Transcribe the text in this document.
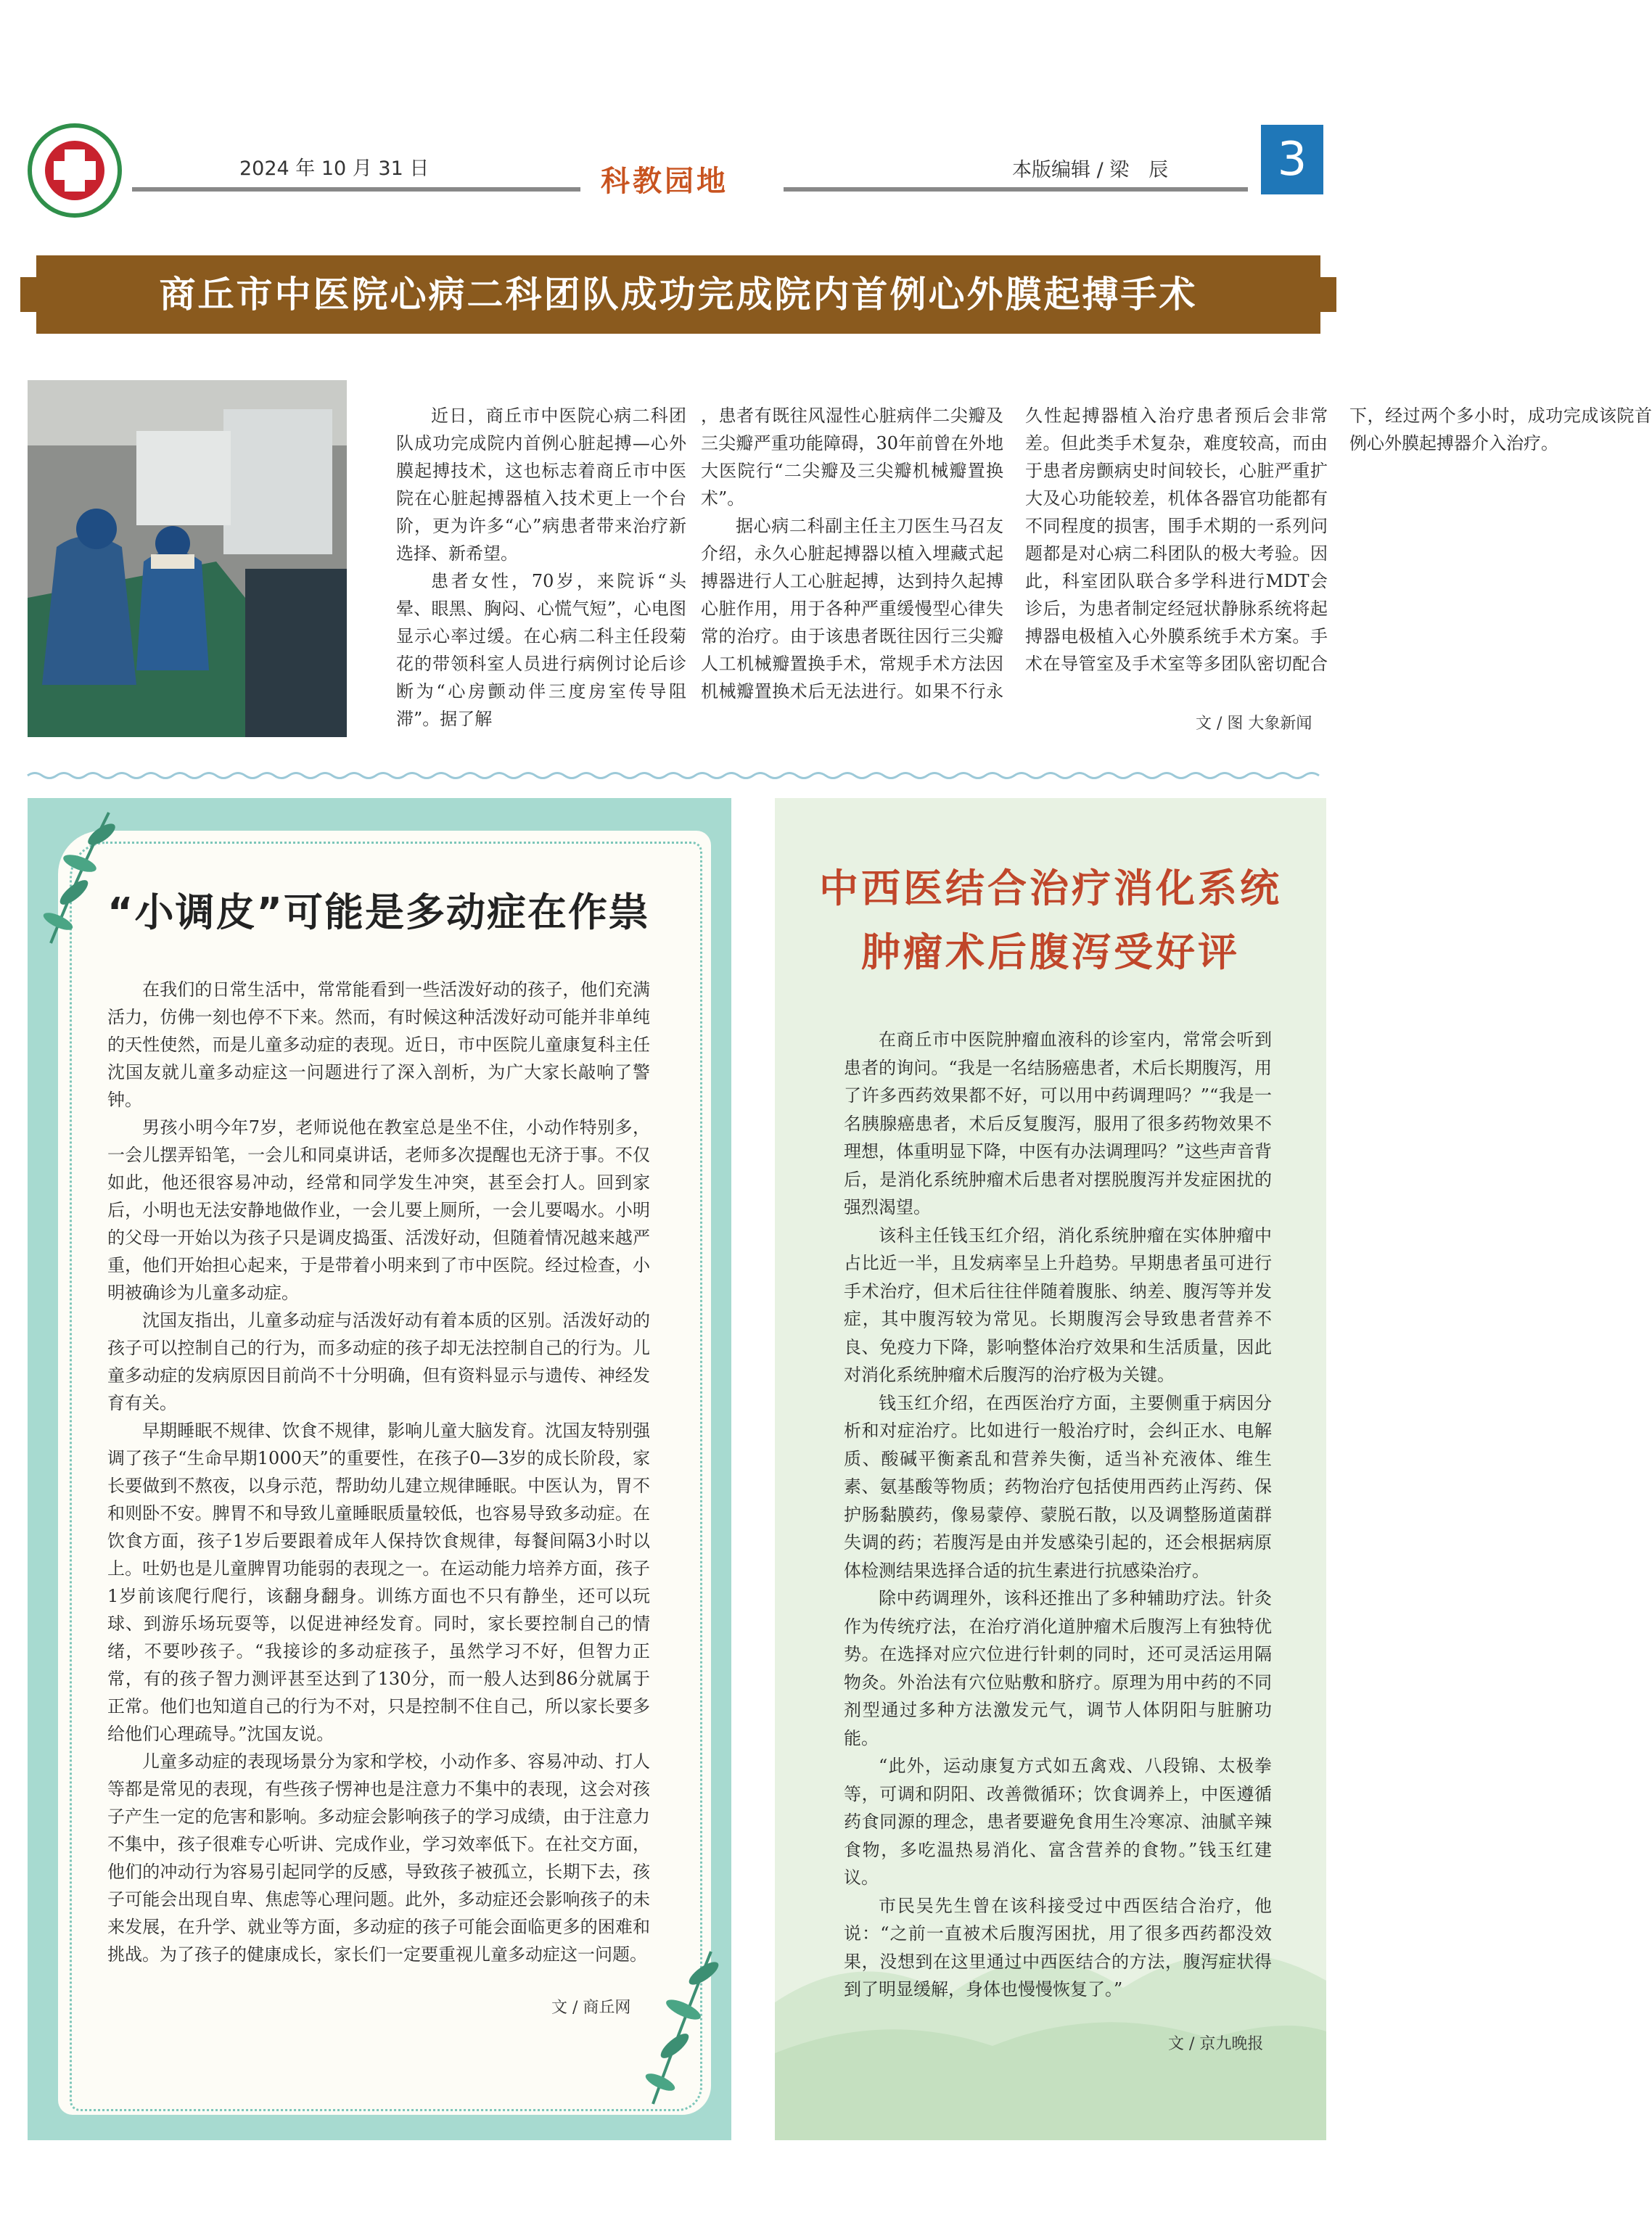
2024 年 10 月 31 日	科教园地	本版编辑 / 梁　辰	3
商丘市中医院心病二科团队成功完成院内首例心外膜起搏手术

近日，商丘市中医院心病二科团队成功完成院内首例心脏起搏—心外膜起搏技术，这也标志着商丘市中医院在心脏起搏器植入技术更上一个台阶，更为许多“心”病患者带来治疗新选择、新希望。

患者女性，70岁，来院诉“头晕、眼黑、胸闷、心慌气短”，心电图显示心率过缓。在心病二科主任段菊花的带领科室人员进行病例讨论后诊断为“心房颤动伴三度房室传导阻滞”。据了解

，患者有既往风湿性心脏病伴二尖瓣及三尖瓣严重功能障碍，30年前曾在外地大医院行“二尖瓣及三尖瓣机械瓣置换术”。

据心病二科副主任主刀医生马召友介绍，永久心脏起搏器以植入埋藏式起搏器进行人工心脏起搏，达到持久起搏心脏作用，用于各种严重缓慢型心律失常的治疗。由于该患者既往因行三尖瓣人工机械瓣置换手术，常规手术方法因机械瓣置换术后无法进行。如果不行永久性起搏器植入治疗患者预后会非常差。但此类手术复杂，难度较高，而由于患者房颤病史时间较长，心脏严重扩大及心功能较差，机体各器官功能都有不同程度的损害，围手术期的一系列问题都是对心病二科团队的极大考验。因此，科室团队联合多学科进行MDT会诊后，为患者制定经冠状静脉系统将起搏器电极植入心外膜系统手术方案。手术在导管室及手术室等多团队密切配合下，经过两个多小时，成功完成该院首例心外膜起搏器介入治疗。

文 / 图 大象新闻
“小调皮”可能是多动症在作祟

在我们的日常生活中，常常能看到一些活泼好动的孩子，他们充满活力，仿佛一刻也停不下来。然而，有时候这种活泼好动可能并非单纯的天性使然，而是儿童多动症的表现。近日，市中医院儿童康复科主任沈国友就儿童多动症这一问题进行了深入剖析，为广大家长敲响了警钟。

男孩小明今年7岁，老师说他在教室总是坐不住，小动作特别多，一会儿摆弄铅笔，一会儿和同桌讲话，老师多次提醒也无济于事。不仅如此，他还很容易冲动，经常和同学发生冲突，甚至会打人。回到家后，小明也无法安静地做作业，一会儿要上厕所，一会儿要喝水。小明的父母一开始以为孩子只是调皮捣蛋、活泼好动，但随着情况越来越严重，他们开始担心起来，于是带着小明来到了市中医院。经过检查，小明被确诊为儿童多动症。

沈国友指出，儿童多动症与活泼好动有着本质的区别。活泼好动的孩子可以控制自己的行为，而多动症的孩子却无法控制自己的行为。儿童多动症的发病原因目前尚不十分明确，但有资料显示与遗传、神经发育有关。

早期睡眠不规律、饮食不规律，影响儿童大脑发育。沈国友特别强调了孩子“生命早期1000天”的重要性，在孩子0—3岁的成长阶段，家长要做到不熬夜，以身示范，帮助幼儿建立规律睡眠。中医认为，胃不和则卧不安。脾胃不和导致儿童睡眠质量较低，也容易导致多动症。在饮食方面，孩子1岁后要跟着成年人保持饮食规律，每餐间隔3小时以上。吐奶也是儿童脾胃功能弱的表现之一。在运动能力培养方面，孩子1岁前该爬行爬行，该翻身翻身。训练方面也不只有静坐，还可以玩球、到游乐场玩耍等，以促进神经发育。同时，家长要控制自己的情绪，不要吵孩子。“我接诊的多动症孩子，虽然学习不好，但智力正常，有的孩子智力测评甚至达到了130分，而一般人达到86分就属于正常。他们也知道自己的行为不对，只是控制不住自己，所以家长要多给他们心理疏导。”沈国友说。

儿童多动症的表现场景分为家和学校，小动作多、容易冲动、打人等都是常见的表现，有些孩子愣神也是注意力不集中的表现，这会对孩子产生一定的危害和影响。多动症会影响孩子的学习成绩，由于注意力不集中，孩子很难专心听讲、完成作业，学习效率低下。在社交方面，他们的冲动行为容易引起同学的反感，导致孩子被孤立，长期下去，孩子可能会出现自卑、焦虑等心理问题。此外，多动症还会影响孩子的未来发展，在升学、就业等方面，多动症的孩子可能会面临更多的困难和挑战。为了孩子的健康成长，家长们一定要重视儿童多动症这一问题。

文 / 商丘网
中西医结合治疗消化系统
肿瘤术后腹泻受好评

在商丘市中医院肿瘤血液科的诊室内，常常会听到患者的询问。“我是一名结肠癌患者，术后长期腹泻，用了许多西药效果都不好，可以用中药调理吗？”“我是一名胰腺癌患者，术后反复腹泻，服用了很多药物效果不理想，体重明显下降，中医有办法调理吗？”这些声音背后，是消化系统肿瘤术后患者对摆脱腹泻并发症困扰的强烈渴望。

该科主任钱玉红介绍，消化系统肿瘤在实体肿瘤中占比近一半，且发病率呈上升趋势。早期患者虽可进行手术治疗，但术后往往伴随着腹胀、纳差、腹泻等并发症，其中腹泻较为常见。长期腹泻会导致患者营养不良、免疫力下降，影响整体治疗效果和生活质量，因此对消化系统肿瘤术后腹泻的治疗极为关键。

钱玉红介绍，在西医治疗方面，主要侧重于病因分析和对症治疗。比如进行一般治疗时，会纠正水、电解质、酸碱平衡紊乱和营养失衡，适当补充液体、维生素、氨基酸等物质；药物治疗包括使用西药止泻药、保护肠黏膜药，像易蒙停、蒙脱石散，以及调整肠道菌群失调的药；若腹泻是由并发感染引起的，还会根据病原体检测结果选择合适的抗生素进行抗感染治疗。

除中药调理外，该科还推出了多种辅助疗法。针灸作为传统疗法，在治疗消化道肿瘤术后腹泻上有独特优势。在选择对应穴位进行针刺的同时，还可灵活运用隔物灸。外治法有穴位贴敷和脐疗。原理为用中药的不同剂型通过多种方法激发元气，调节人体阴阳与脏腑功能。

“此外，运动康复方式如五禽戏、八段锦、太极拳等，可调和阴阳、改善微循环；饮食调养上，中医遵循药食同源的理念，患者要避免食用生冷寒凉、油腻辛辣食物，多吃温热易消化、富含营养的食物。”钱玉红建议。

市民吴先生曾在该科接受过中西医结合治疗，他说：“之前一直被术后腹泻困扰，用了很多西药都没效果，没想到在这里通过中西医结合的方法，腹泻症状得到了明显缓解，身体也慢慢恢复了。”

文 / 京九晚报
